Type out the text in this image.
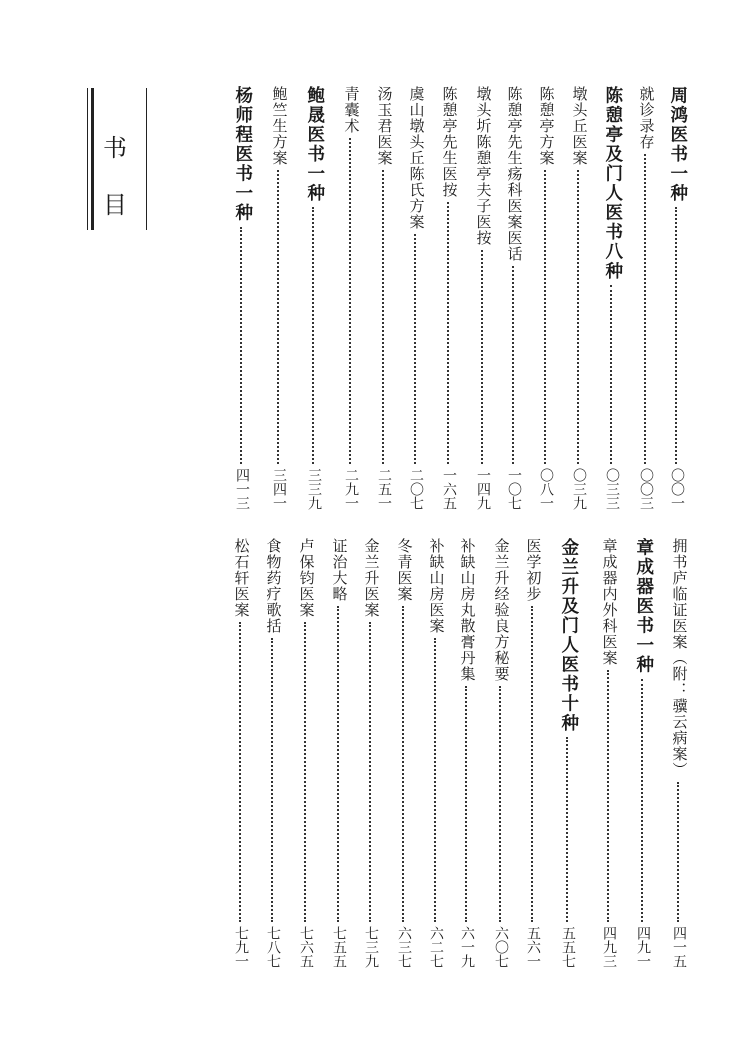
书
目
周鸿医书一种
〇〇一
就诊录存
〇〇三
陈憩亭及门人医书八种
〇三三
墩头丘医案
〇三九
陈憩亭方案
〇八一
陈憩亭先生疡科医案医话
一〇七
墩头圻陈憩亭夫子医按
一四九
陈憩亭先生医按
一六五
虞山墩头丘陈氏方案
二〇七
汤玉君医案
二五一
青囊术
二九一
鲍晟医书一种
三三九
鲍竺生方案
三四一
杨师程医书一种
四一三
拥书庐临证医案（附：骥云病案）
四一五
章成器医书一种
四九一
章成器内外科医案
四九三
金兰升及门人医书十种
五五七
医学初步
五六一
金兰升经验良方秘要
六〇七
补缺山房丸散膏丹集
六一九
补缺山房医案
六二七
冬青医案
六三七
金兰升医案
七三九
证治大略
七五五
卢保钧医案
七六五
食物药疗歌括
七八七
松石轩医案
七九一
